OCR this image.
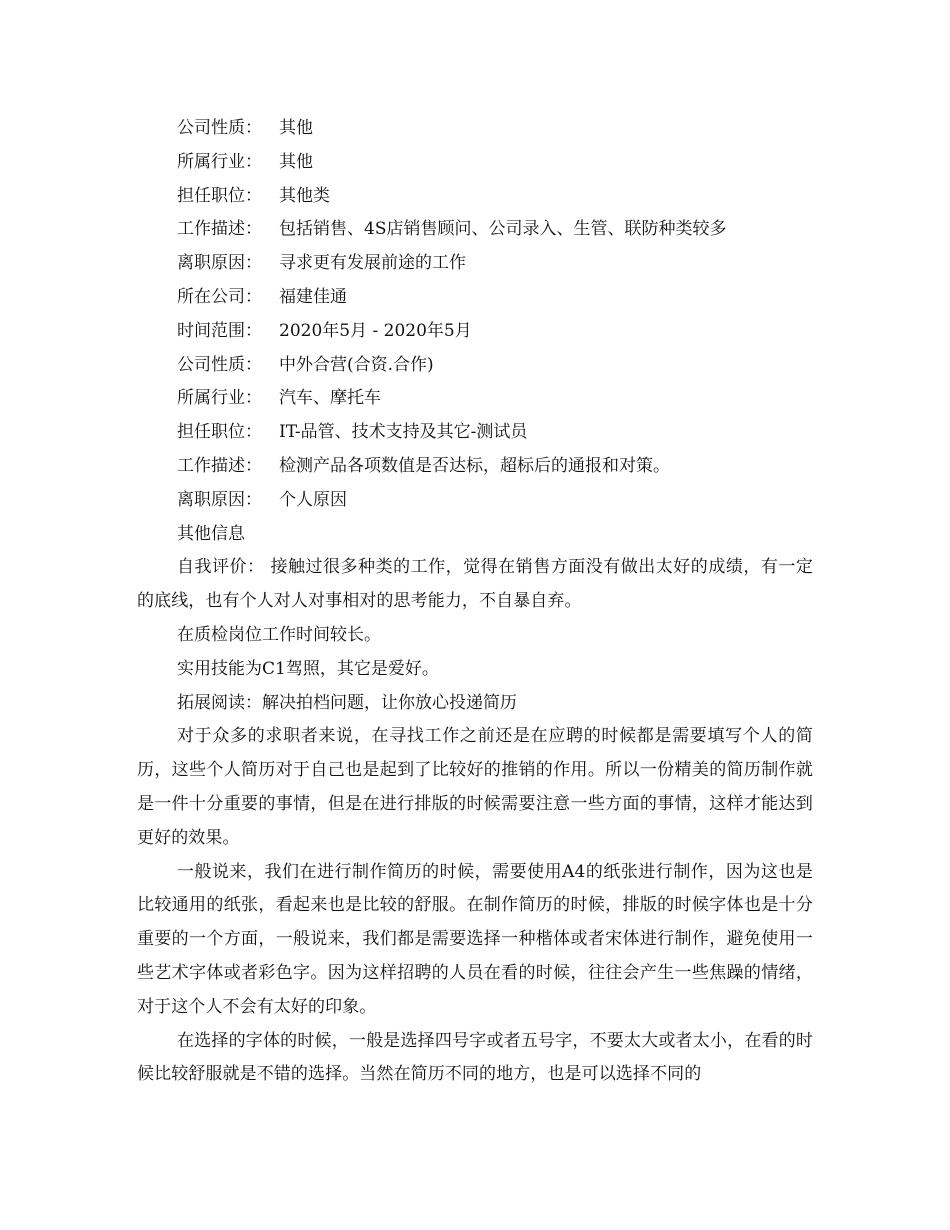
公司性质：	其他
所属行业：	其他
担任职位：	其他类
工作描述：	包括销售、4S店销售顾问、公司录入、生管、联防种类较多
离职原因：	寻求更有发展前途的工作
所在公司：	福建佳通
时间范围：	2020年5月 - 2020年5月
公司性质：	中外合营(合资.合作)
所属行业：	汽车、摩托车
担任职位：	IT-品管、技术支持及其它-测试员
工作描述：	检测产品各项数值是否达标，超标后的通报和对策。
离职原因：	个人原因
其他信息
自我评价： 接触过很多种类的工作，觉得在销售方面没有做出太好的成绩，有一定的底线，也有个人对人对事相对的思考能力，不自暴自弃。
在质检岗位工作时间较长。
实用技能为C1驾照，其它是爱好。
拓展阅读：解决拍档问题，让你放心投递简历
对于众多的求职者来说，在寻找工作之前还是在应聘的时候都是需要填写个人的简历，这些个人简历对于自己也是起到了比较好的推销的作用。所以一份精美的简历制作就是一件十分重要的事情，但是在进行排版的时候需要注意一些方面的事情，这样才能达到更好的效果。
一般说来，我们在进行制作简历的时候，需要使用A4的纸张进行制作，因为这也是比较通用的纸张，看起来也是比较的舒服。在制作简历的时候，排版的时候字体也是十分重要的一个方面，一般说来，我们都是需要选择一种楷体或者宋体进行制作，避免使用一些艺术字体或者彩色字。因为这样招聘的人员在看的时候，往往会产生一些焦躁的情绪，对于这个人不会有太好的印象。
在选择的字体的时候，一般是选择四号字或者五号字，不要太大或者太小，在看的时候比较舒服就是不错的选择。当然在简历不同的地方，也是可以选择不同的
